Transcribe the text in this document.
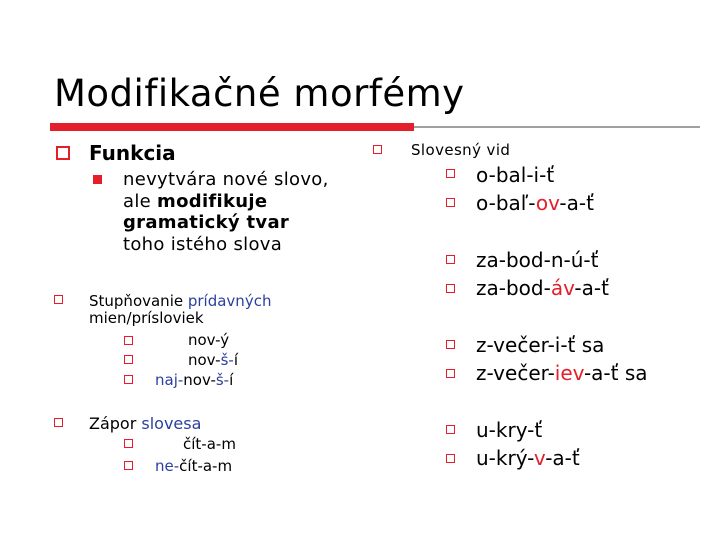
Modifikačné morfémy
Funkcia
nevytvára nové slovo,
ale modifikuje
gramatický tvar
toho istého slova
Stupňovanie prídavných
mien/prísloviek
nov-ý
nov-š-í
naj-nov-š-í
Zápor slovesa
čít-a-m
ne-čít-a-m
Slovesný vid
o-bal-i-ť
o-baľ-ov-a-ť
za-bod-n-ú-ť
za-bod-áv-a-ť
z-večer-i-ť sa
z-večer-iev-a-ť sa
u-kry-ť
u-krý-v-a-ť
